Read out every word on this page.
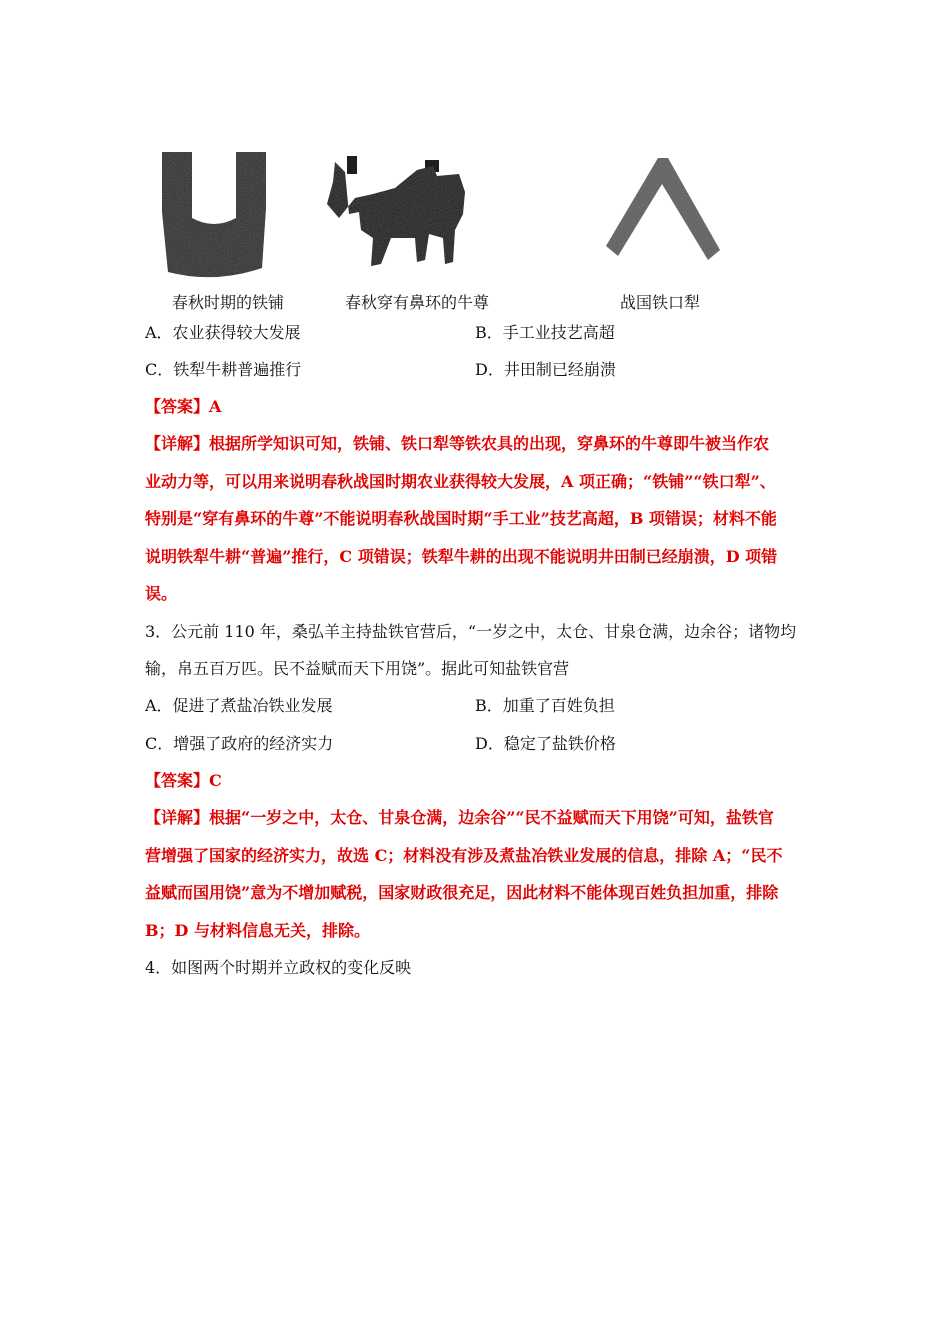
春秋时期的铁铺	春秋穿有鼻环的牛尊	战国铁口犁
A．农业获得较大发展	B．手工业技艺高超
C．铁犁牛耕普遍推行	D．井田制已经崩溃
【答案】A
【详解】根据所学知识可知，铁铺、铁口犁等铁农具的出现，穿鼻环的牛尊即牛被当作农
业动力等，可以用来说明春秋战国时期农业获得较大发展，A 项正确；“铁铺”“铁口犁”、
特别是“穿有鼻环的牛尊”不能说明春秋战国时期“手工业”技艺高超，B 项错误；材料不能
说明铁犁牛耕“普遍”推行，C 项错误；铁犁牛耕的出现不能说明井田制已经崩溃，D 项错
误。
3．公元前 110 年，桑弘羊主持盐铁官营后，“一岁之中，太仓、甘泉仓满，边余谷；诸物均
输，帛五百万匹。民不益赋而天下用饶”。据此可知盐铁官营
A．促进了煮盐冶铁业发展	B．加重了百姓负担
C．增强了政府的经济实力	D．稳定了盐铁价格
【答案】C
【详解】根据“一岁之中，太仓、甘泉仓满，边余谷”“民不益赋而天下用饶”可知，盐铁官
营增强了国家的经济实力，故选 C；材料没有涉及煮盐冶铁业发展的信息，排除 A；“民不
益赋而国用饶”意为不增加赋税，国家财政很充足，因此材料不能体现百姓负担加重，排除
B；D 与材料信息无关，排除。
4．如图两个时期并立政权的变化反映
